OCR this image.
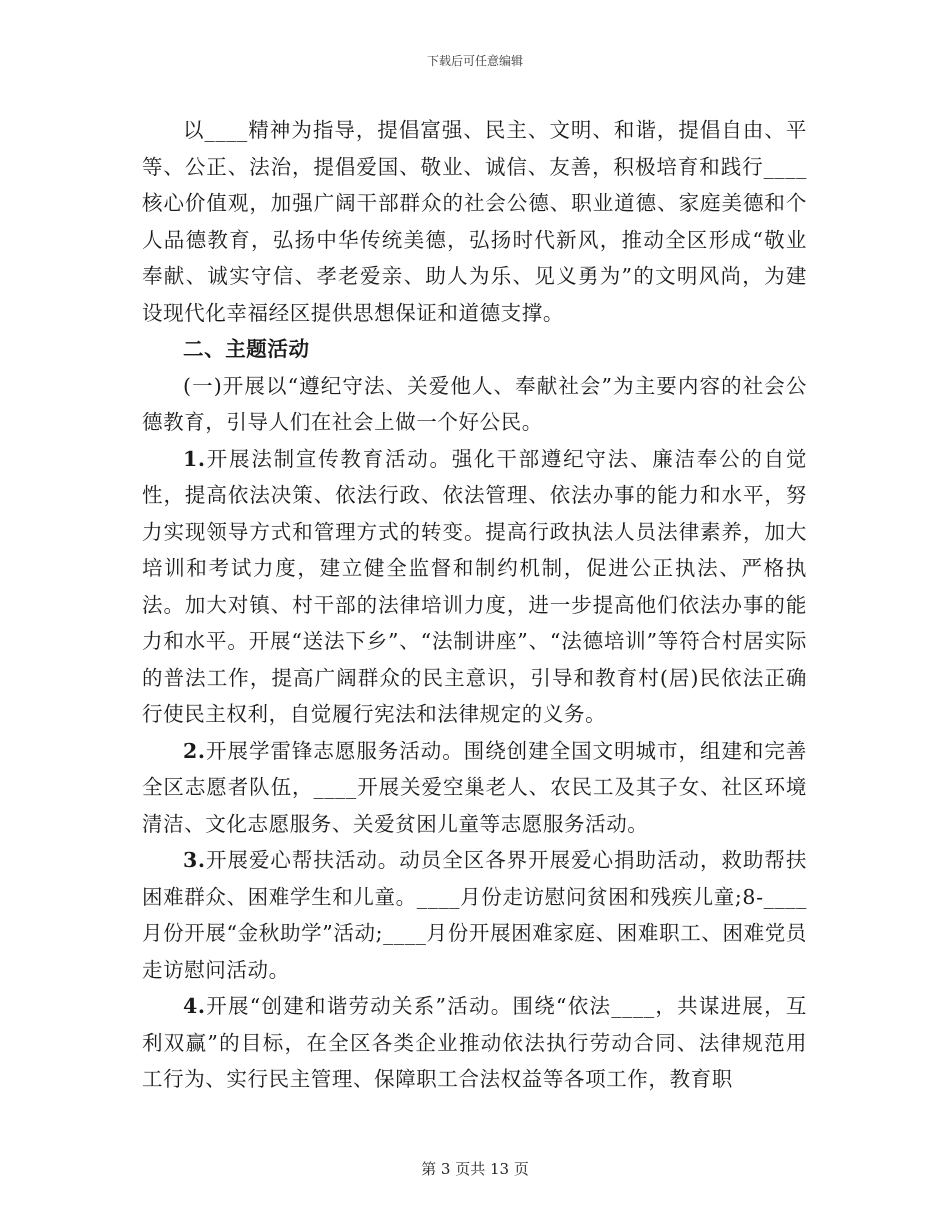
下载后可任意编辑

以____精神为指导，提倡富强、民主、文明、和谐，提倡自由、平等、公正、法治，提倡爱国、敬业、诚信、友善，积极培育和践行____核心价值观，加强广阔干部群众的社会公德、职业道德、家庭美德和个人品德教育，弘扬中华传统美德，弘扬时代新风，推动全区形成“敬业奉献、诚实守信、孝老爱亲、助人为乐、见义勇为”的文明风尚，为建设现代化幸福经区提供思想保证和道德支撑。

二、主题活动

(一)开展以“遵纪守法、关爱他人、奉献社会”为主要内容的社会公德教育，引导人们在社会上做一个好公民。

1.开展法制宣传教育活动。强化干部遵纪守法、廉洁奉公的自觉性，提高依法决策、依法行政、依法管理、依法办事的能力和水平，努力实现领导方式和管理方式的转变。提高行政执法人员法律素养，加大培训和考试力度，建立健全监督和制约机制，促进公正执法、严格执法。加大对镇、村干部的法律培训力度，进一步提高他们依法办事的能力和水平。开展“送法下乡”、“法制讲座”、“法德培训”等符合村居实际的普法工作，提高广阔群众的民主意识，引导和教育村(居)民依法正确行使民主权利，自觉履行宪法和法律规定的义务。

2.开展学雷锋志愿服务活动。围绕创建全国文明城市，组建和完善全区志愿者队伍，____开展关爱空巢老人、农民工及其子女、社区环境清洁、文化志愿服务、关爱贫困儿童等志愿服务活动。

3.开展爱心帮扶活动。动员全区各界开展爱心捐助活动，救助帮扶困难群众、困难学生和儿童。____月份走访慰问贫困和残疾儿童;8-____月份开展“金秋助学”活动;____月份开展困难家庭、困难职工、困难党员走访慰问活动。

4.开展“创建和谐劳动关系”活动。围绕“依法____，共谋进展，互利双赢”的目标，在全区各类企业推动依法执行劳动合同、法律规范用工行为、实行民主管理、保障职工合法权益等各项工作，教育职

第 3 页共 13 页
